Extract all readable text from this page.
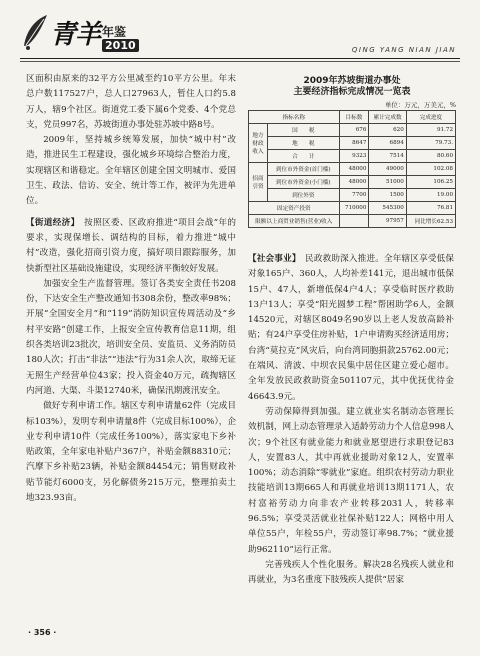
青羊 年鉴
2010	QING YANG NIAN JIAN

区面积由原来的32平方公里减至约10平方公里。年末总户数117527户，总人口27963人，暂住人口约5.8万人，辖9个社区。街道党工委下属6个党委、4个党总支，党员997名，苏坡街道办事处驻苏坡中路8号。

2009年，坚持城乡统筹发展，加快“城中村”改造，推进民生工程建设，强化城乡环境综合整治力度，实现辖区和谐稳定。全年辖区创建全国文明城市、爱国卫生、政法、信访、安全、统计等工作，被评为先进单位。

【街道经济】　 按照区委、区政府推进“项目会战”年的要求，实现保增长、调结构的目标，着力推进“城中村”改造，强化招商引资力度，搞好项目跟踪服务，加快新型社区基础设施建设，实现经济平衡较好发展。

加强安全生产监督管理。签订各类安全责任书208份，下达安全生产整改通知书308余份，整改率98%；开展“全国安全月”和“119”消防知识宣传周活动及“乡村平安路”创建工作，上报安全宣传教育信息11期，组织各类培训23批次，培训安全员、安监员、义务消防员180人次；打击“非法”“违法”行为31余人次，取缔无证无照生产经营单位43家；投入资金40万元，疏掏辖区内河道、大渠、斗渠12740米，确保汛期渡汛安全。

做好专利申请工作。辖区专利申请量62件（完成目标103%），发明专利申请量8件（完成目标100%），企业专利申请10件（完成任务100%），落实家电下乡补贴政策，全年家电补贴户367户，补贴金额88310元；汽摩下乡补贴23辆，补贴金额84454元；销售财政补贴节能灯6000支，另化解债务215万元，整理拍卖土地323.93亩。

2009年苏坡街道办事处
主要经济指标完成情况一览表
单位：万元，万美元，%
指标名称		目标数	累计完成数	完成进度
地方财政收入	国　　税	676	620	91.72
	地　　税	8647	6894	79.73.
	合　　计	9323	7514	80.60
招商引资	到位市外资金(首门槛)	48000	49000	102.08
	到位市外资金(小门槛)	48000	51000	106.25
	到位外资	7700	1500	19.00
固定资产投资		710000	545300	76.81
限额以上商贸业销售(营业)收入			97957	同比增长62.53

【社会事业】　 民政救助深入推进。全年辖区享受低保对象165户、360人，人均补差141元，退出城市低保15户、47人，新增低保4户4人；享受临时医疗救助13户13人；享受“阳光圆梦工程”帮困助学6人，金额14520元，对辖区8049名90岁以上老人发放高龄补贴；有24户享受住房补贴，1户申请购买经济适用房；台湾“莫拉克”风灾后，向台湾同胞捐款25762.00元；在端风、清波、中坝农民集中居住区建立爱心超市。全年发放民政救助资金501107元，其中优抚优待金46643.9元。

劳动保障得到加强。建立就业实名制动态管理长效机制，网上动态管理录入适龄劳动力个人信息998人次；9个社区有就业能力和就业愿望进行求职登记83人，安置83人，其中再就业援助对象12人，安置率100%；动态消除“零就业”家庭。组织农村劳动力职业技能培训13期665人和再就业培训13期1171人，农村富裕劳动力向非农产业转移2031人，转移率96.5%；享受灵活就业社保补贴122人；网格中用人单位55户，年检55户，劳动签订率98.7%；“就业援助962110”运行正常。

完善残疾人个性化服务。解决28名残疾人就业和再就业，为3名重度下肢残疾人提供“居家

· 356 ·
